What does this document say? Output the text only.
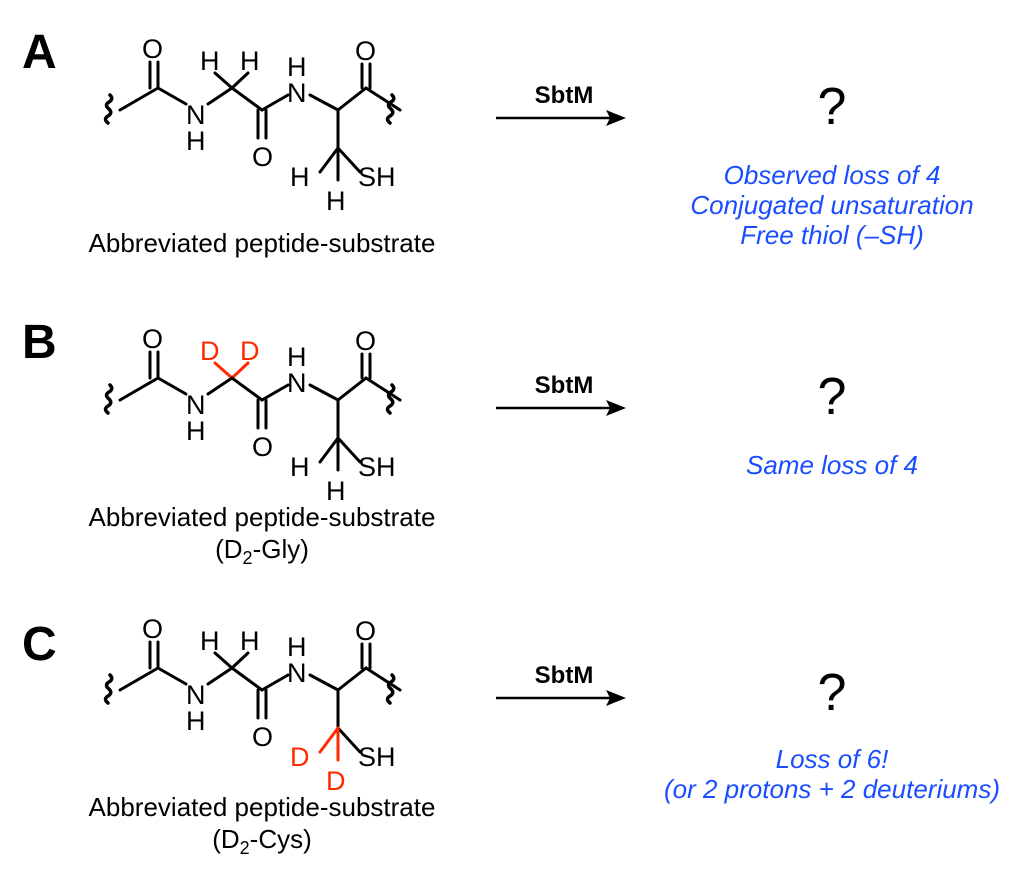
A	O
N
H
H H
O
N
H
H
H
SH
O
Abbreviated peptide-substrate
SbtM	?
Observed loss of 4
Conjugated unsaturation
Free thiol (–SH)
B	O
N
H
D D
O
N
H
H
H
SH
O
Abbreviated peptide-substrate
$(D_2-Gly)$
SbtM	?
Same loss of 4
C	O
N
H
H H
O
N
H
D
D
SH
O
Abbreviated peptide-substrate
$(D_2-Cys)$
SbtM	?
Loss of 6!
(or 2 protons + 2 deuteriums)
